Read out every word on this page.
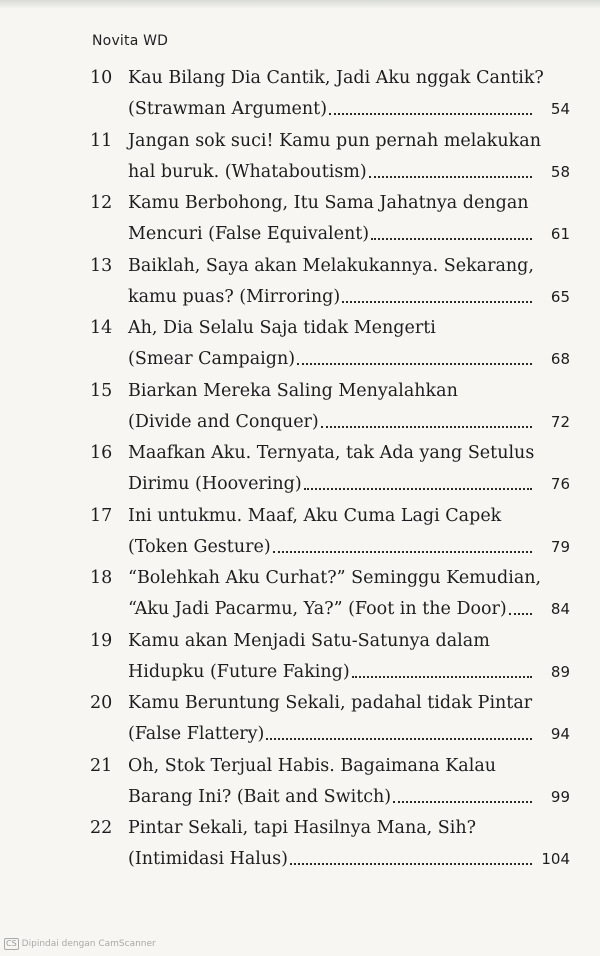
Novita WD
10 Kau Bilang Dia Cantik, Jadi Aku nggak Cantik?
(Strawman Argument)	54
11 Jangan sok suci! Kamu pun pernah melakukan
hal buruk. (Whataboutism)	58
12 Kamu Berbohong, Itu Sama Jahatnya dengan
Mencuri (False Equivalent)	61
13 Baiklah, Saya akan Melakukannya. Sekarang,
kamu puas? (Mirroring)	65
14 Ah, Dia Selalu Saja tidak Mengerti
(Smear Campaign)	68
15 Biarkan Mereka Saling Menyalahkan
(Divide and Conquer)	72
16 Maafkan Aku. Ternyata, tak Ada yang Setulus
Dirimu (Hoovering)	76
17 Ini untukmu. Maaf, Aku Cuma Lagi Capek
(Token Gesture)	79
18 “Bolehkah Aku Curhat?” Seminggu Kemudian,
“Aku Jadi Pacarmu, Ya?” (Foot in the Door)	84
19 Kamu akan Menjadi Satu-Satunya dalam
Hidupku (Future Faking)	89
20 Kamu Beruntung Sekali, padahal tidak Pintar
(False Flattery)	94
21 Oh, Stok Terjual Habis. Bagaimana Kalau
Barang Ini? (Bait and Switch)	99
22 Pintar Sekali, tapi Hasilnya Mana, Sih?
(Intimidasi Halus)	104
CS Dipindai dengan CamScanner
